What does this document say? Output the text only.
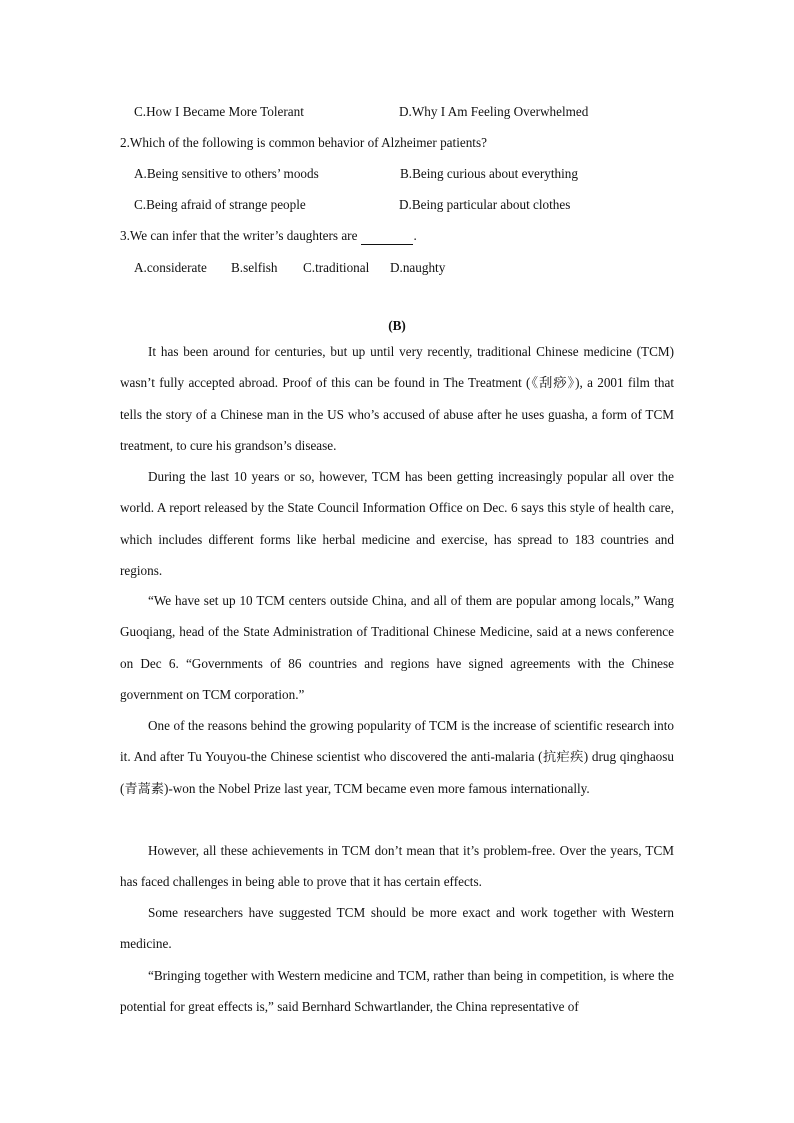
C.How I Became More Tolerant	D.Why I Am Feeling Overwhelmed
2.Which of the following is common behavior of Alzheimer patients?
A.Being sensitive to others’ moods	B.Being curious about everything
C.Being afraid of strange people	D.Being particular about clothes
3.We can infer that the writer’s daughters are	.
A.considerate B.selfish C.traditional D.naughty
(B)

It has been around for centuries, but up until very recently, traditional Chinese medicine (TCM) wasn’t fully accepted abroad. Proof of this can be found in The Treatment (《刮痧》), a 2001 film that tells the story of a Chinese man in the US who’s accused of abuse after he uses guasha, a form of TCM treatment, to cure his grandson’s disease.

During the last 10 years or so, however, TCM has been getting increasingly popular all over the world. A report released by the State Council Information Office on Dec. 6 says this style of health care, which includes different forms like herbal medicine and exercise, has spread to 183 countries and regions.

“We have set up 10 TCM centers outside China, and all of them are popular among locals,” Wang Guoqiang, head of the State Administration of Traditional Chinese Medicine, said at a news conference on Dec 6. “Governments of 86 countries and regions have signed agreements with the Chinese government on TCM corporation.”

One of the reasons behind the growing popularity of TCM is the increase of scientific research into it. And after Tu Youyou-the Chinese scientist who discovered the anti-malaria (抗疟疾) drug qinghaosu (青蒿素)-won the Nobel Prize last year, TCM became even more famous internationally.

However, all these achievements in TCM don’t mean that it’s problem-free. Over the years, TCM has faced challenges in being able to prove that it has certain effects.

Some researchers have suggested TCM should be more exact and work together with Western medicine.

“Bringing together with Western medicine and TCM, rather than being in competition, is where the potential for great effects is,” said Bernhard Schwartlander, the China representative of
